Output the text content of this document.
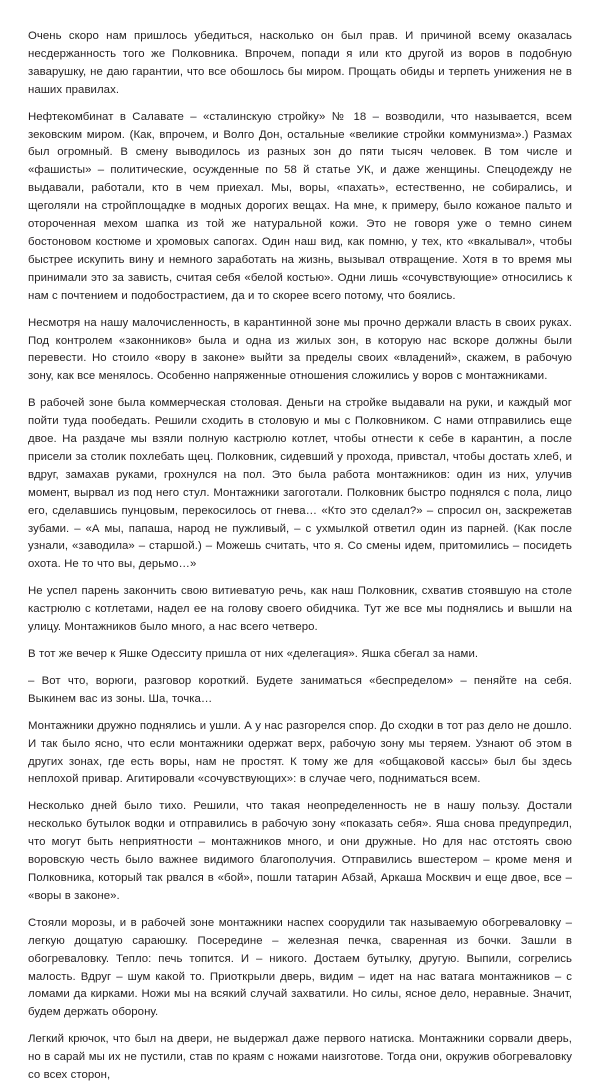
Очень скоро нам пришлось убедиться, насколько он был прав. И причиной всему оказалась несдержанность того же Полковника. Впрочем, попади я или кто другой из воров в подобную заварушку, не даю гарантии, что все обошлось бы миром. Прощать обиды и терпеть унижения не в наших правилах.

Нефтекомбинат в Салавате – «сталинскую стройку» № 18 – возводили, что называется, всем зековским миром. (Как, впрочем, и Волго Дон, остальные «великие стройки коммунизма».) Размах был огромный. В смену выводилось из разных зон до пяти тысяч человек. В том числе и «фашисты» – политические, осужденные по 58 й статье УК, и даже женщины. Спецодежду не выдавали, работали, кто в чем приехал. Мы, воры, «пахать», естественно, не собирались, и щеголяли на стройплощадке в модных дорогих вещах. На мне, к примеру, было кожаное пальто и отороченная мехом шапка из той же натуральной кожи. Это не говоря уже о темно синем бостоновом костюме и хромовых сапогах. Один наш вид, как помню, у тех, кто «вкалывал», чтобы быстрее искупить вину и немного заработать на жизнь, вызывал отвращение. Хотя в то время мы принимали это за зависть, считая себя «белой костью». Одни лишь «сочувствующие» относились к нам с почтением и подобострастием, да и то скорее всего потому, что боялись.

Несмотря на нашу малочисленность, в карантинной зоне мы прочно держали власть в своих руках. Под контролем «законников» была и одна из жилых зон, в которую нас вскоре должны были перевести. Но стоило «вору в законе» выйти за пределы своих «владений», скажем, в рабочую зону, как все менялось. Особенно напряженные отношения сложились у воров с монтажниками.

В рабочей зоне была коммерческая столовая. Деньги на стройке выдавали на руки, и каждый мог пойти туда пообедать. Решили сходить в столовую и мы с Полковником. С нами отправились еще двое. На раздаче мы взяли полную кастрюлю котлет, чтобы отнести к себе в карантин, а после присели за столик похлебать щец. Полковник, сидевший у прохода, привстал, чтобы достать хлеб, и вдруг, замахав руками, грохнулся на пол. Это была работа монтажников: один из них, улучив момент, вырвал из под него стул. Монтажники загоготали. Полковник быстро поднялся с пола, лицо его, сделавшись пунцовым, перекосилось от гнева… «Кто это сделал?» – спросил он, заскрежетав зубами. – «А мы, папаша, народ не пужливый, – с ухмылкой ответил один из парней. (Как после узнали, «заводила» – старшой.) – Можешь считать, что я. Со смены идем, притомились – посидеть охота. Не то что вы, дерьмо…»

Не успел парень закончить свою витиеватую речь, как наш Полковник, схватив стоявшую на столе кастрюлю с котлетами, надел ее на голову своего обидчика. Тут же все мы поднялись и вышли на улицу. Монтажников было много, а нас всего четверо.

В тот же вечер к Яшке Одесситу пришла от них «делегация». Яшка сбегал за нами.

– Вот что, ворюги, разговор короткий. Будете заниматься «беспределом» – пеняйте на себя. Выкинем вас из зоны. Ша, точка…

Монтажники дружно поднялись и ушли. А у нас разгорелся спор. До сходки в тот раз дело не дошло. И так было ясно, что если монтажники одержат верх, рабочую зону мы теряем. Узнают об этом в других зонах, где есть воры, нам не простят. К тому же для «общаковой кассы» был бы здесь неплохой привар. Агитировали «сочувствующих»: в случае чего, подниматься всем.

Несколько дней было тихо. Решили, что такая неопределенность не в нашу пользу. Достали несколько бутылок водки и отправились в рабочую зону «показать себя». Яша снова предупредил, что могут быть неприятности – монтажников много, и они дружные. Но для нас отстоять свою воровскую честь было важнее видимого благополучия. Отправились вшестером – кроме меня и Полковника, который так рвался в «бой», пошли татарин Абзай, Аркаша Москвич и еще двое, все – «воры в законе».

Стояли морозы, и в рабочей зоне монтажники наспех соорудили так называемую обогреваловку – легкую дощатую сараюшку. Посередине – железная печка, сваренная из бочки. Зашли в обогреваловку. Тепло: печь топится. И – никого. Достаем бутылку, другую. Выпили, согрелись малость. Вдруг – шум какой то. Приоткрыли дверь, видим – идет на нас ватага монтажников – с ломами да кирками. Ножи мы на всякий случай захватили. Но силы, ясное дело, неравные. Значит, будем держать оборону.

Легкий крючок, что был на двери, не выдержал даже первого натиска. Монтажники сорвали дверь, но в сарай мы их не пустили, став по краям с ножами наизготове. Тогда они, окружив обогреваловку со всех сторон,
